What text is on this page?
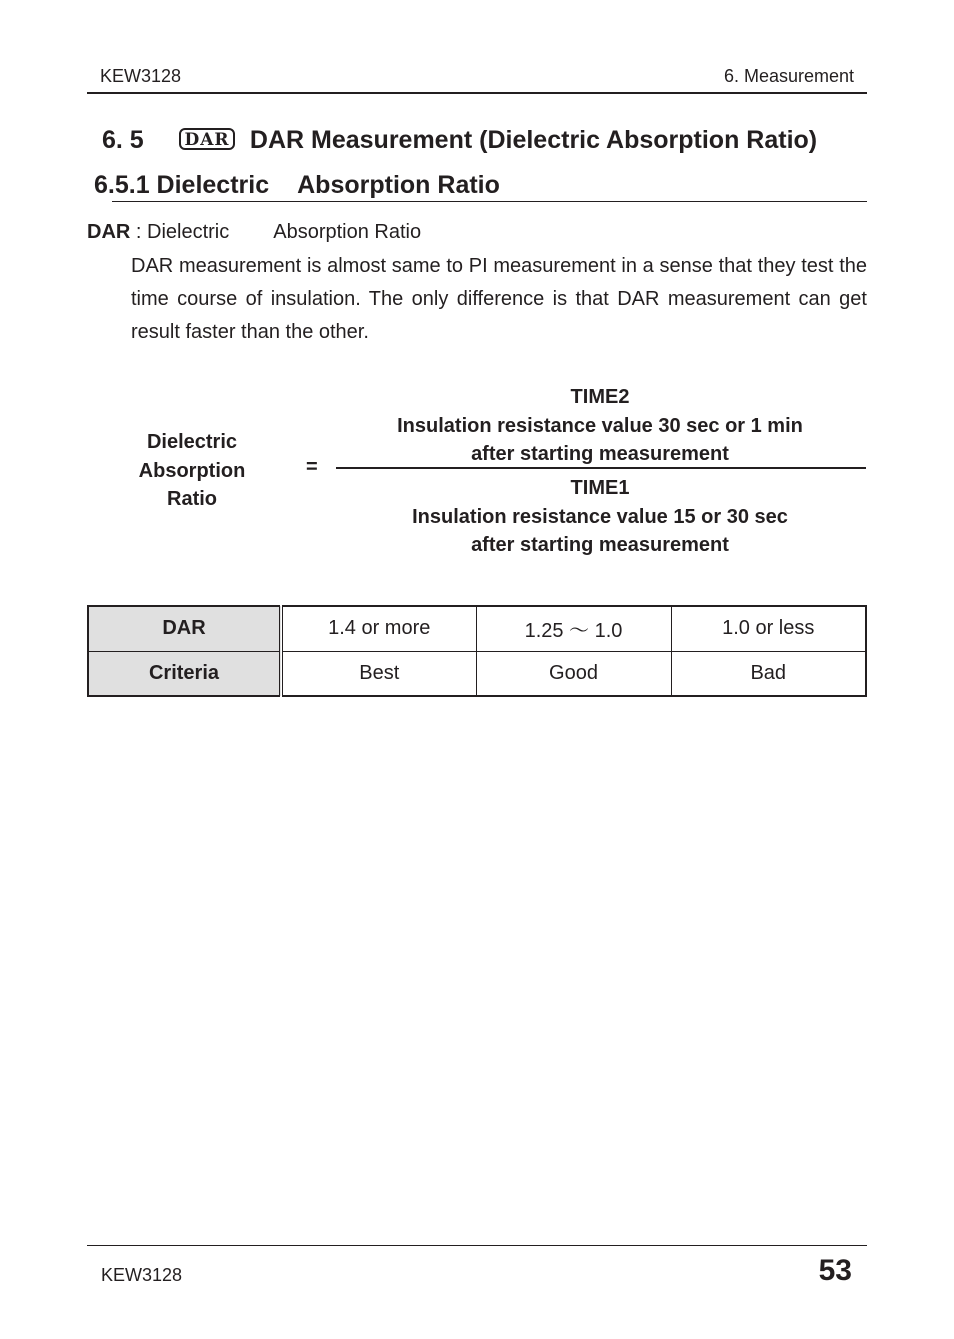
KEW3128	6. Measurement
6. 5 DAR DAR Measurement (Dielectric Absorption Ratio)
6.5.1 Dielectric Absorption Ratio
DAR : Dielectric Absorption Ratio
DAR measurement is almost same to PI measurement in a sense that they test the time course of insulation. The only difference is that DAR measurement can get result faster than the other.
Dielectric
Absorption
Ratio
=
TIME2
Insulation resistance value 30 sec or 1 min
after starting measurement
TIME1
Insulation resistance value 15 or 30 sec
after starting measurement
DAR	1.4 or more	1.25 〜 1.0	1.0 or less
Criteria	Best	Good	Bad
KEW3128	53
